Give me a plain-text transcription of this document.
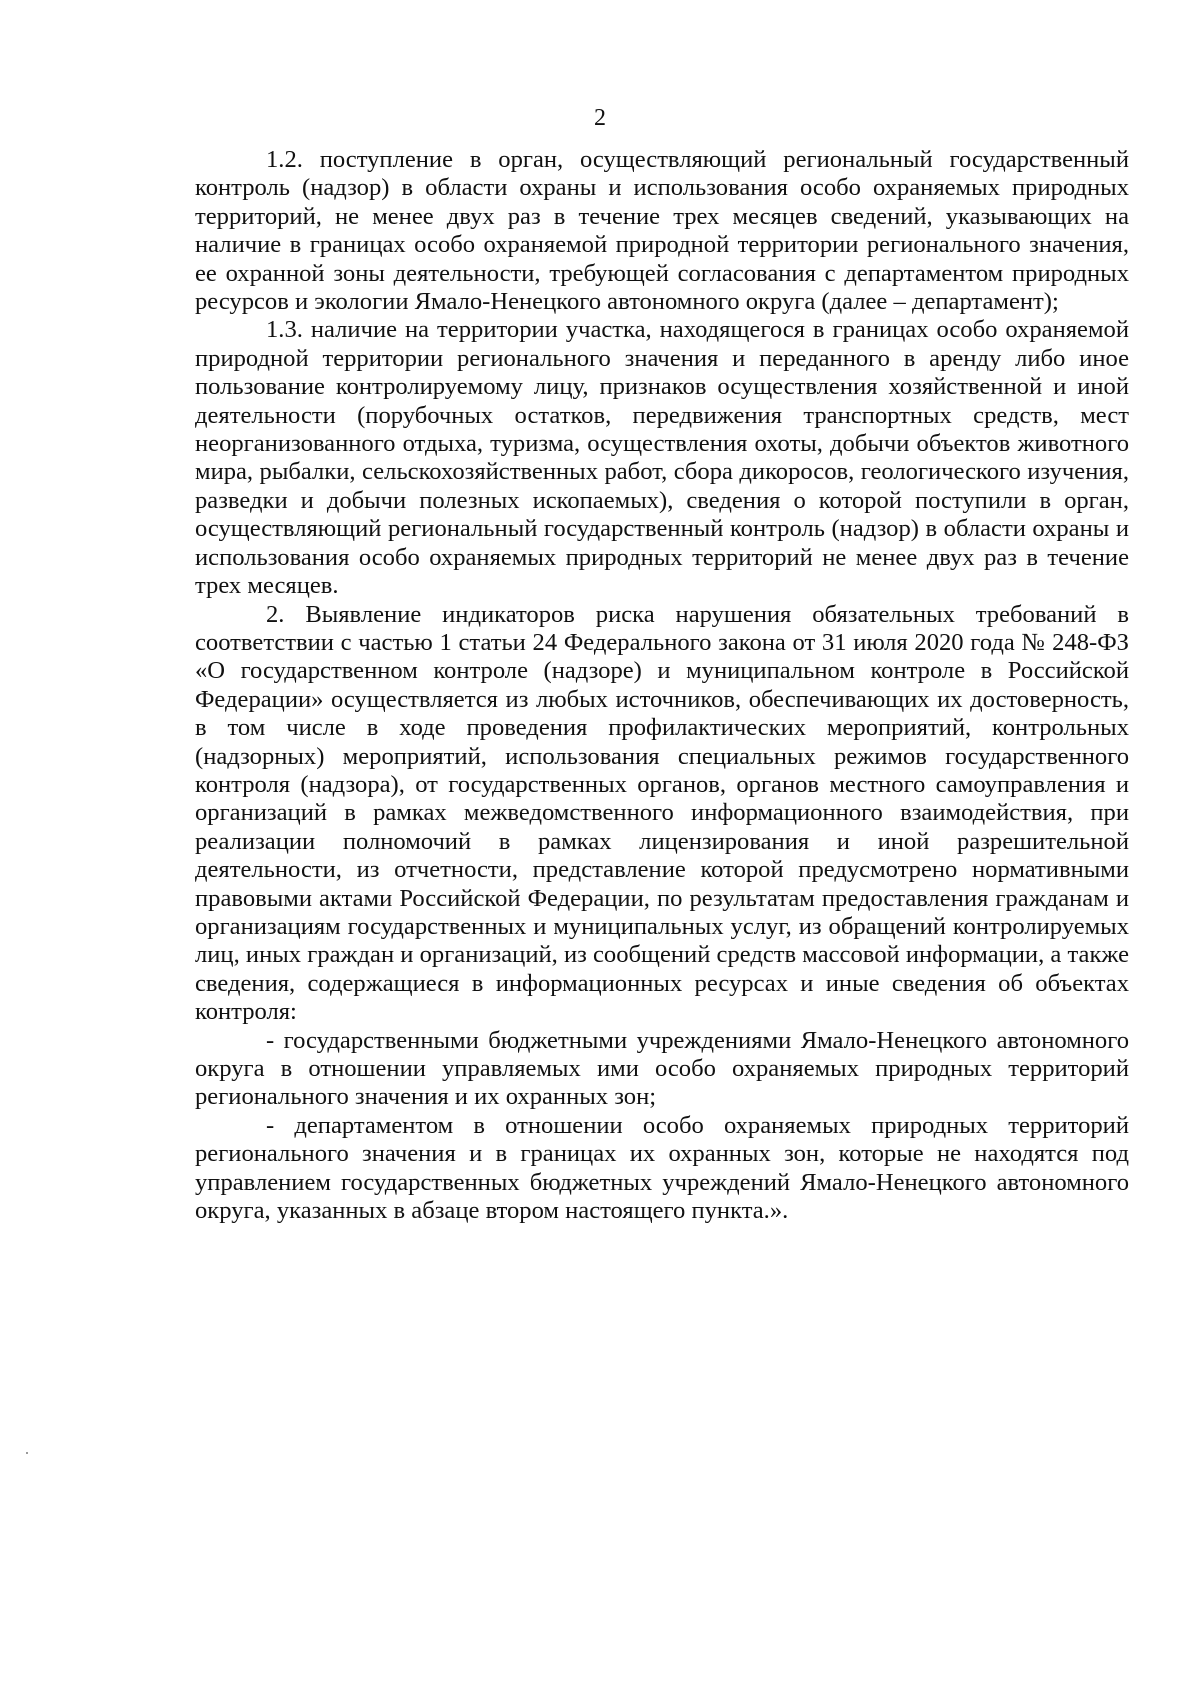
2

1.2. поступление в орган, осуществляющий региональный государственный контроль (надзор) в области охраны и использования особо охраняемых природных территорий, не менее двух раз в течение трех месяцев сведений, указывающих на наличие в границах особо охраняемой природной территории регионального значения, ее охранной зоны деятельности, требующей согласования с департаментом природных ресурсов и экологии Ямало-Ненецкого автономного округа (далее – департамент);

1.3. наличие на территории участка, находящегося в границах особо охраняемой природной территории регионального значения и переданного в аренду либо иное пользование контролируемому лицу, признаков осуществления хозяйственной и иной деятельности (порубочных остатков, передвижения транспортных средств, мест неорганизованного отдыха, туризма, осуществления охоты, добычи объектов животного мира, рыбалки, сельскохозяйственных работ, сбора дикоросов, геологического изучения, разведки и добычи полезных ископаемых), сведения о которой поступили в орган, осуществляющий региональный государственный контроль (надзор) в области охраны и использования особо охраняемых природных территорий не менее двух раз в течение трех месяцев.

2. Выявление индикаторов риска нарушения обязательных требований в соответствии с частью 1 статьи 24 Федерального закона от 31 июля 2020 года № 248-ФЗ «О государственном контроле (надзоре) и муниципальном контроле в Российской Федерации» осуществляется из любых источников, обеспечивающих их достоверность, в том числе в ходе проведения профилактических мероприятий, контрольных (надзорных) мероприятий, использования специальных режимов государственного контроля (надзора), от государственных органов, органов местного самоуправления и организаций в рамках межведомственного информационного взаимодействия, при реализации полномочий в рамках лицензирования и иной разрешительной деятельности, из отчетности, представление которой предусмотрено нормативными правовыми актами Российской Федерации, по результатам предоставления гражданам и организациям государственных и муниципальных услуг, из обращений контролируемых лиц, иных граждан и организаций, из сообщений средств массовой информации, а также сведения, содержащиеся в информационных ресурсах и иные сведения об объектах контроля:

- государственными бюджетными учреждениями Ямало-Ненецкого автономного округа в отношении управляемых ими особо охраняемых природных территорий регионального значения и их охранных зон;

- департаментом в отношении особо охраняемых природных территорий регионального значения и в границах их охранных зон, которые не находятся под управлением государственных бюджетных учреждений Ямало-Ненецкого автономного округа, указанных в абзаце втором настоящего пункта.».
